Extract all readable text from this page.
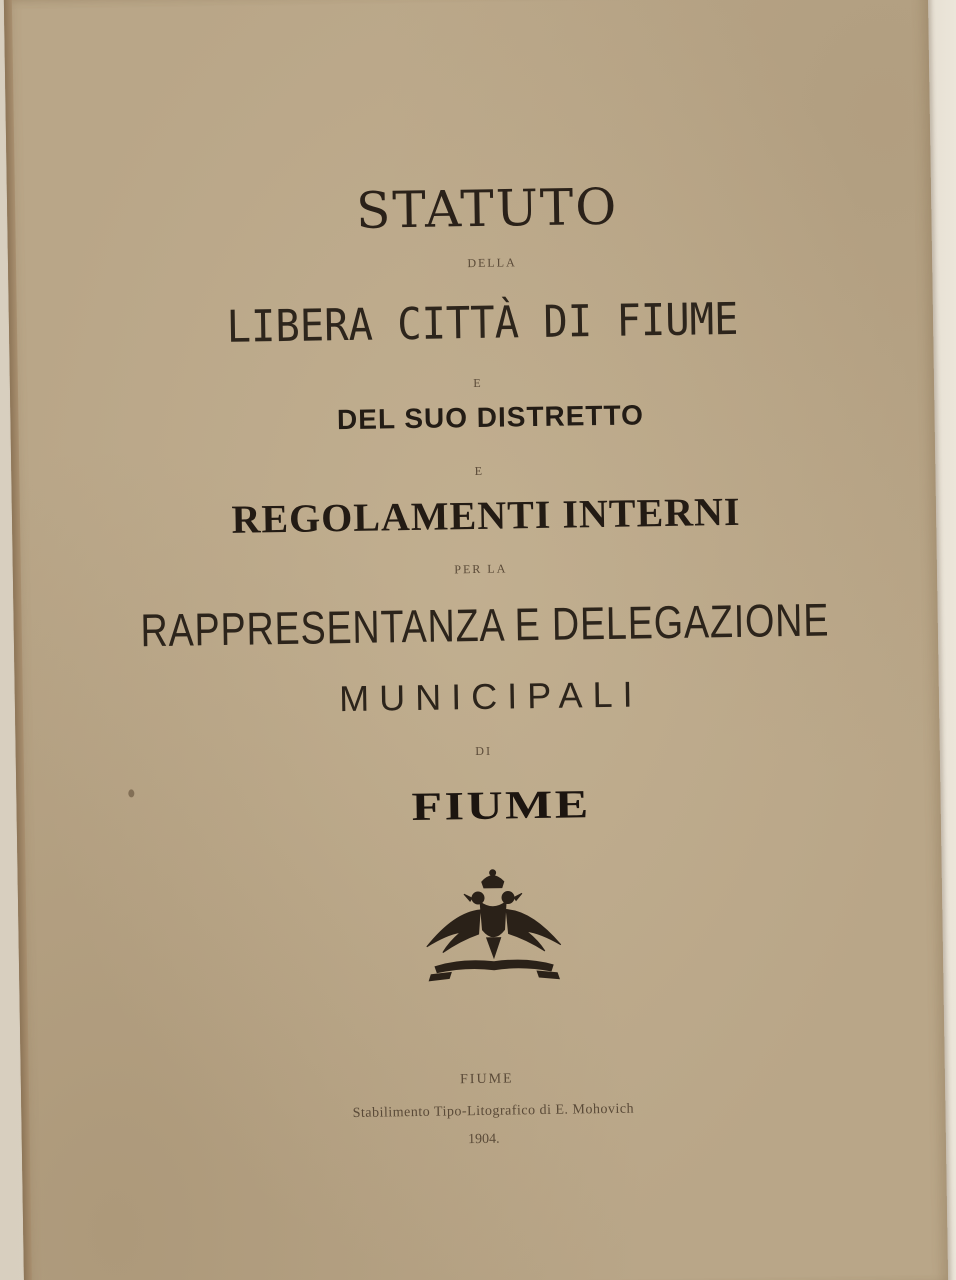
STATUTO
DELLA
LIBERA CITTÀ DI FIUME
E
DEL SUO DISTRETTO
E
REGOLAMENTI INTERNI
PER LA
RAPPRESENTANZA E DELEGAZIONE
MUNICIPALI
DI
FIUME
FIUME
Stabilimento Tipo-Litografico di E. Mohovich
1904.
